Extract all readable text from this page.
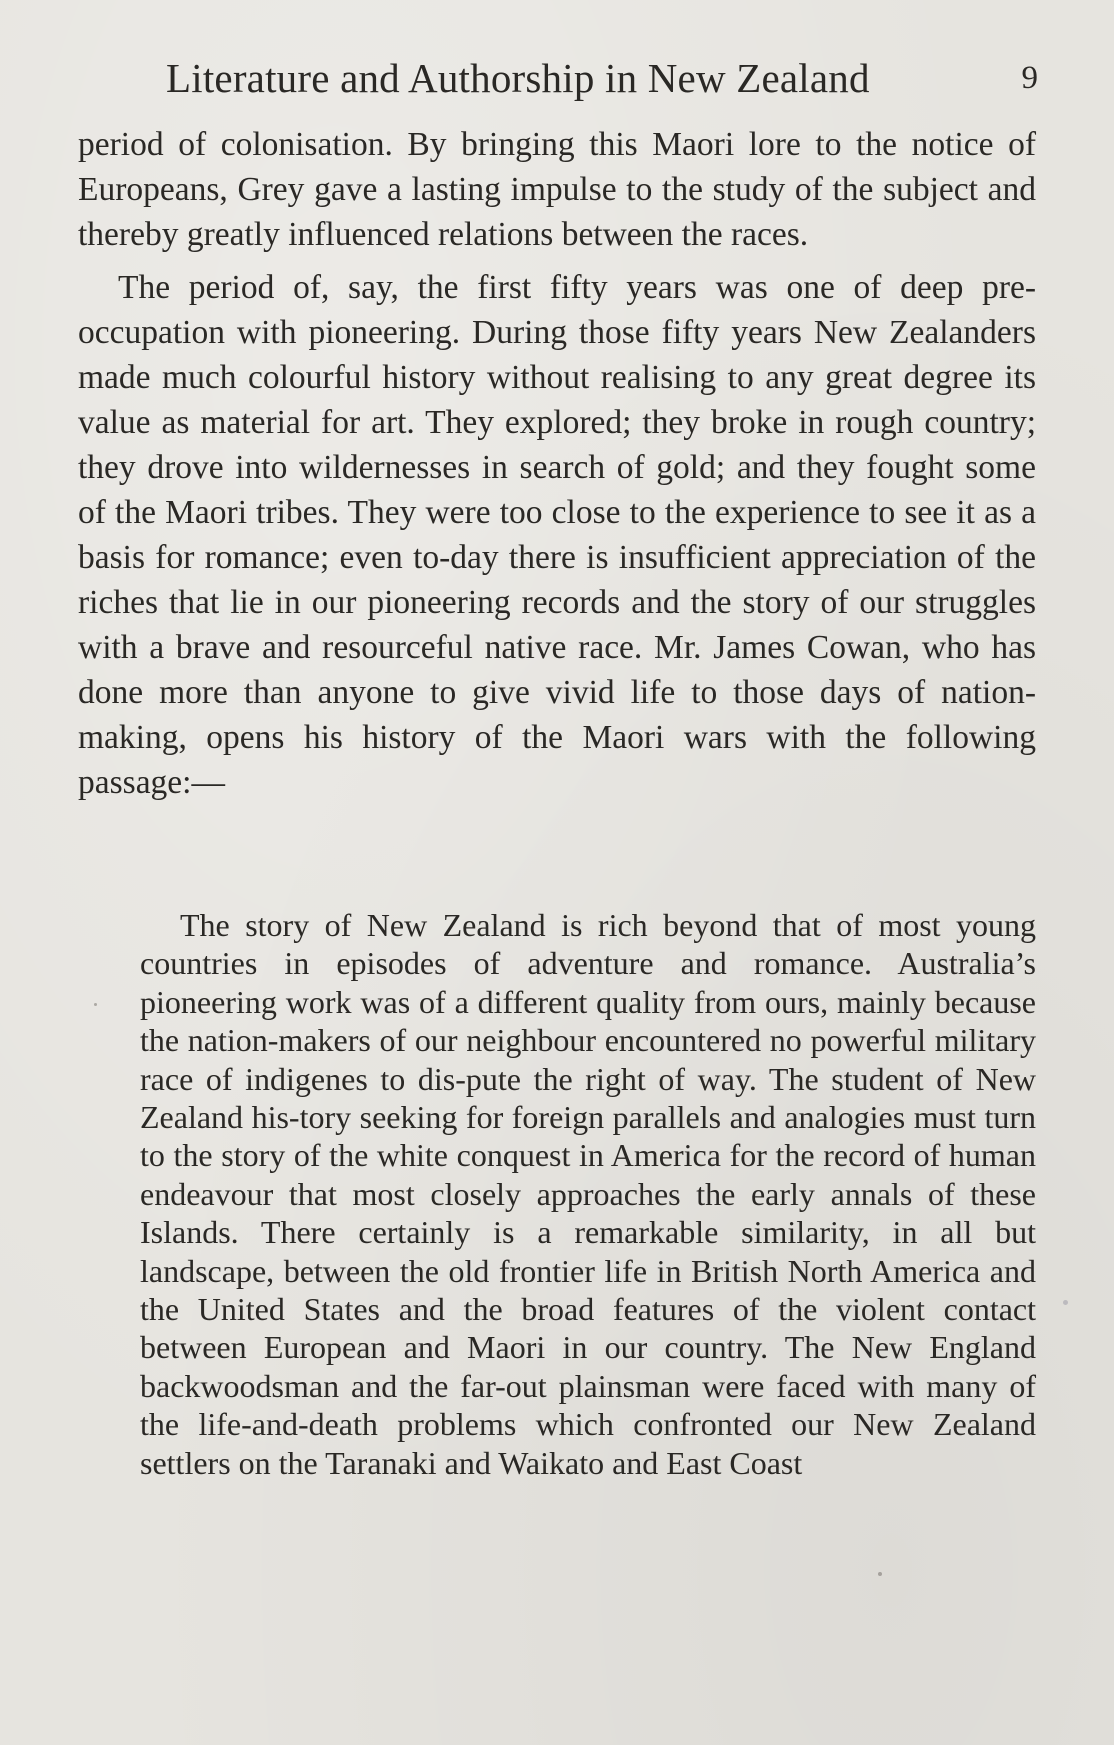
Literature and Authorship in New Zealand	9

period of colonisation. By bringing this Maori lore to the notice of Europeans, Grey gave a lasting impulse to the study of the subject and thereby greatly influenced relations between the races.

The period of, say, the first fifty years was one of deep pre-occupation with pioneering. During those fifty years New Zealanders made much colourful history without realising to any great degree its value as material for art. They explored; they broke in rough country; they drove into wildernesses in search of gold; and they fought some of the Maori tribes. They were too close to the experience to see it as a basis for romance; even to-day there is insufficient appreciation of the riches that lie in our pioneering records and the story of our struggles with a brave and resourceful native race. Mr. James Cowan, who has done more than anyone to give vivid life to those days of nation-making, opens his history of the Maori wars with the following passage:—

The story of New Zealand is rich beyond that of most young countries in episodes of adventure and romance. Australia’s pioneering work was of a different quality from ours, mainly because the nation-makers of our neighbour encountered no powerful military race of indigenes to dis-pute the right of way. The student of New Zealand his-tory seeking for foreign parallels and analogies must turn to the story of the white conquest in America for the record of human endeavour that most closely approaches the early annals of these Islands. There certainly is a remarkable similarity, in all but landscape, between the old frontier life in British North America and the United States and the broad features of the violent contact between European and Maori in our country. The New England backwoodsman and the far-out plainsman were faced with many of the life-and-death problems which confronted our New Zealand settlers on the Taranaki and Waikato and East Coast
